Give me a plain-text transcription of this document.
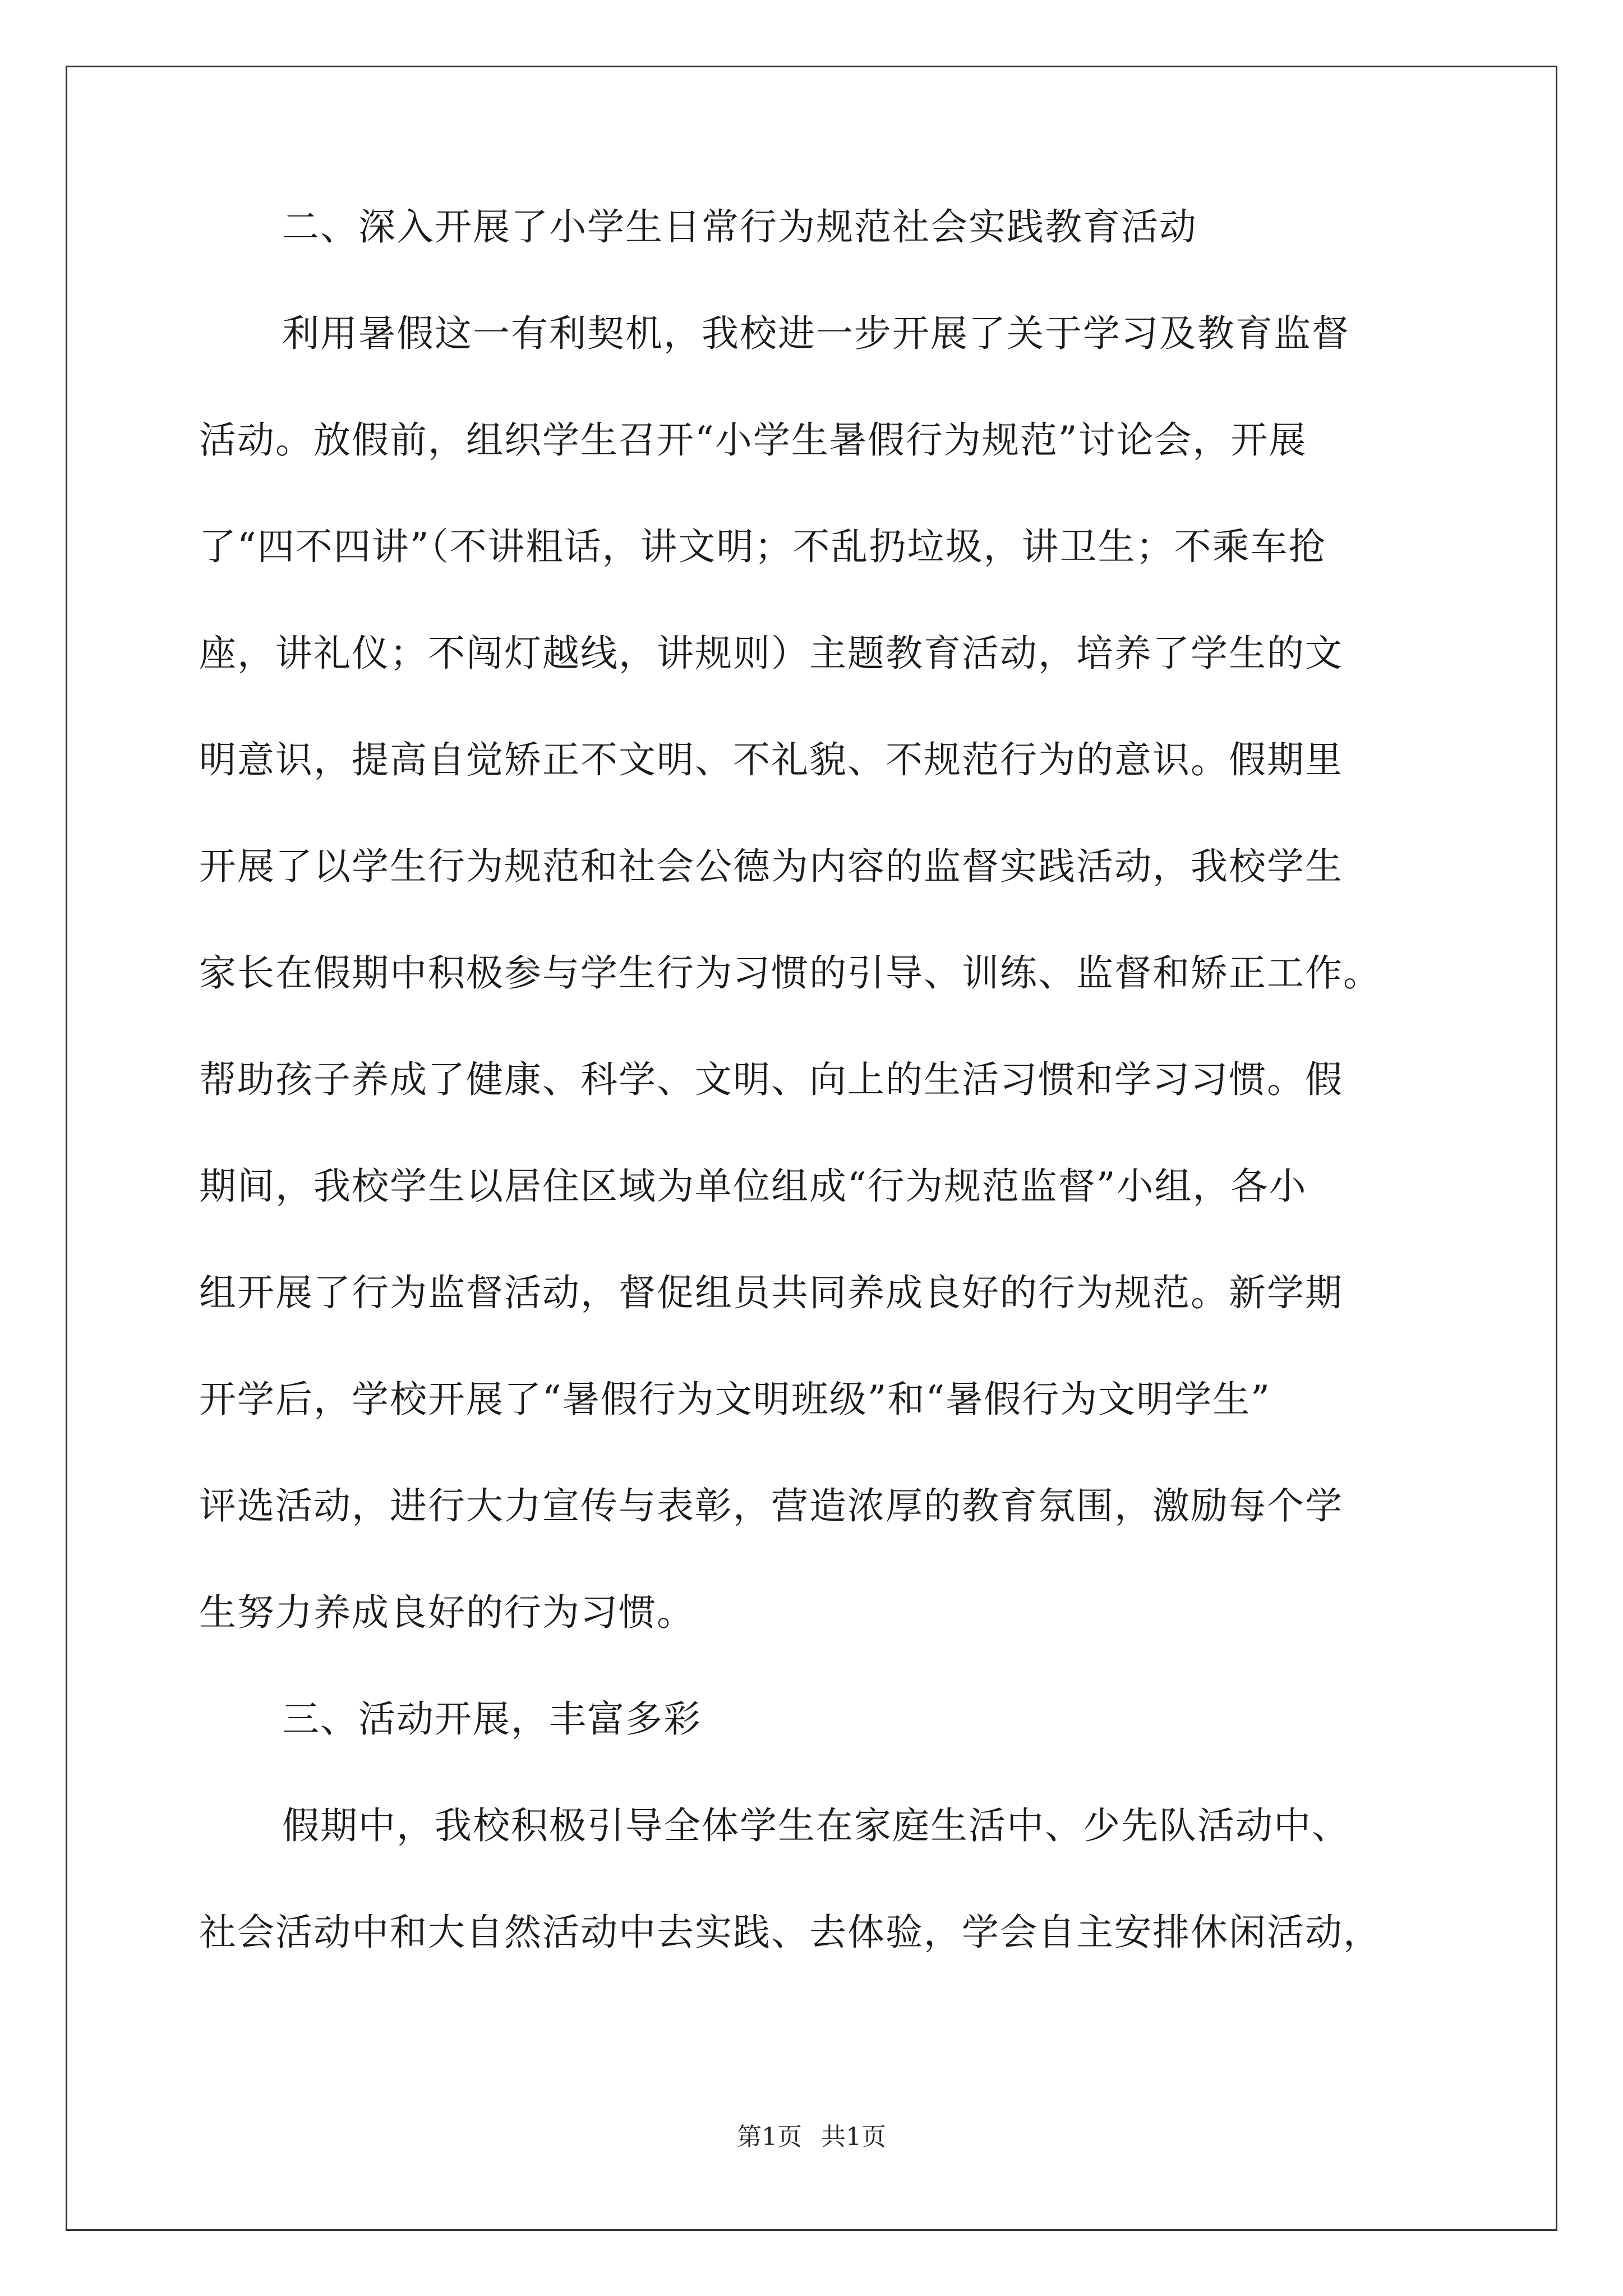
二、深入开展了小学生日常行为规范社会实践教育活动
利用暑假这一有利契机，我校进一步开展了关于学习及教育监督
活动。放假前，组织学生召开“小学生暑假行为规范”讨论会，开展
了“四不四讲”（不讲粗话，讲文明；不乱扔垃圾，讲卫生；不乘车抢
座，讲礼仪；不闯灯越线，讲规则）主题教育活动，培养了学生的文
明意识，提高自觉矫正不文明、不礼貌、不规范行为的意识。假期里
开展了以学生行为规范和社会公德为内容的监督实践活动，我校学生
家长在假期中积极参与学生行为习惯的引导、训练、监督和矫正工作。
帮助孩子养成了健康、科学、文明、向上的生活习惯和学习习惯。假
期间，我校学生以居住区域为单位组成“行为规范监督”小组，各小
组开展了行为监督活动，督促组员共同养成良好的行为规范。新学期
开学后，学校开展了“暑假行为文明班级”和“暑假行为文明学生”
评选活动，进行大力宣传与表彰，营造浓厚的教育氛围，激励每个学
生努力养成良好的行为习惯。
三、活动开展，丰富多彩
假期中，我校积极引导全体学生在家庭生活中、少先队活动中、
社会活动中和大自然活动中去实践、去体验，学会自主安排休闲活动，
第1页 共1页
